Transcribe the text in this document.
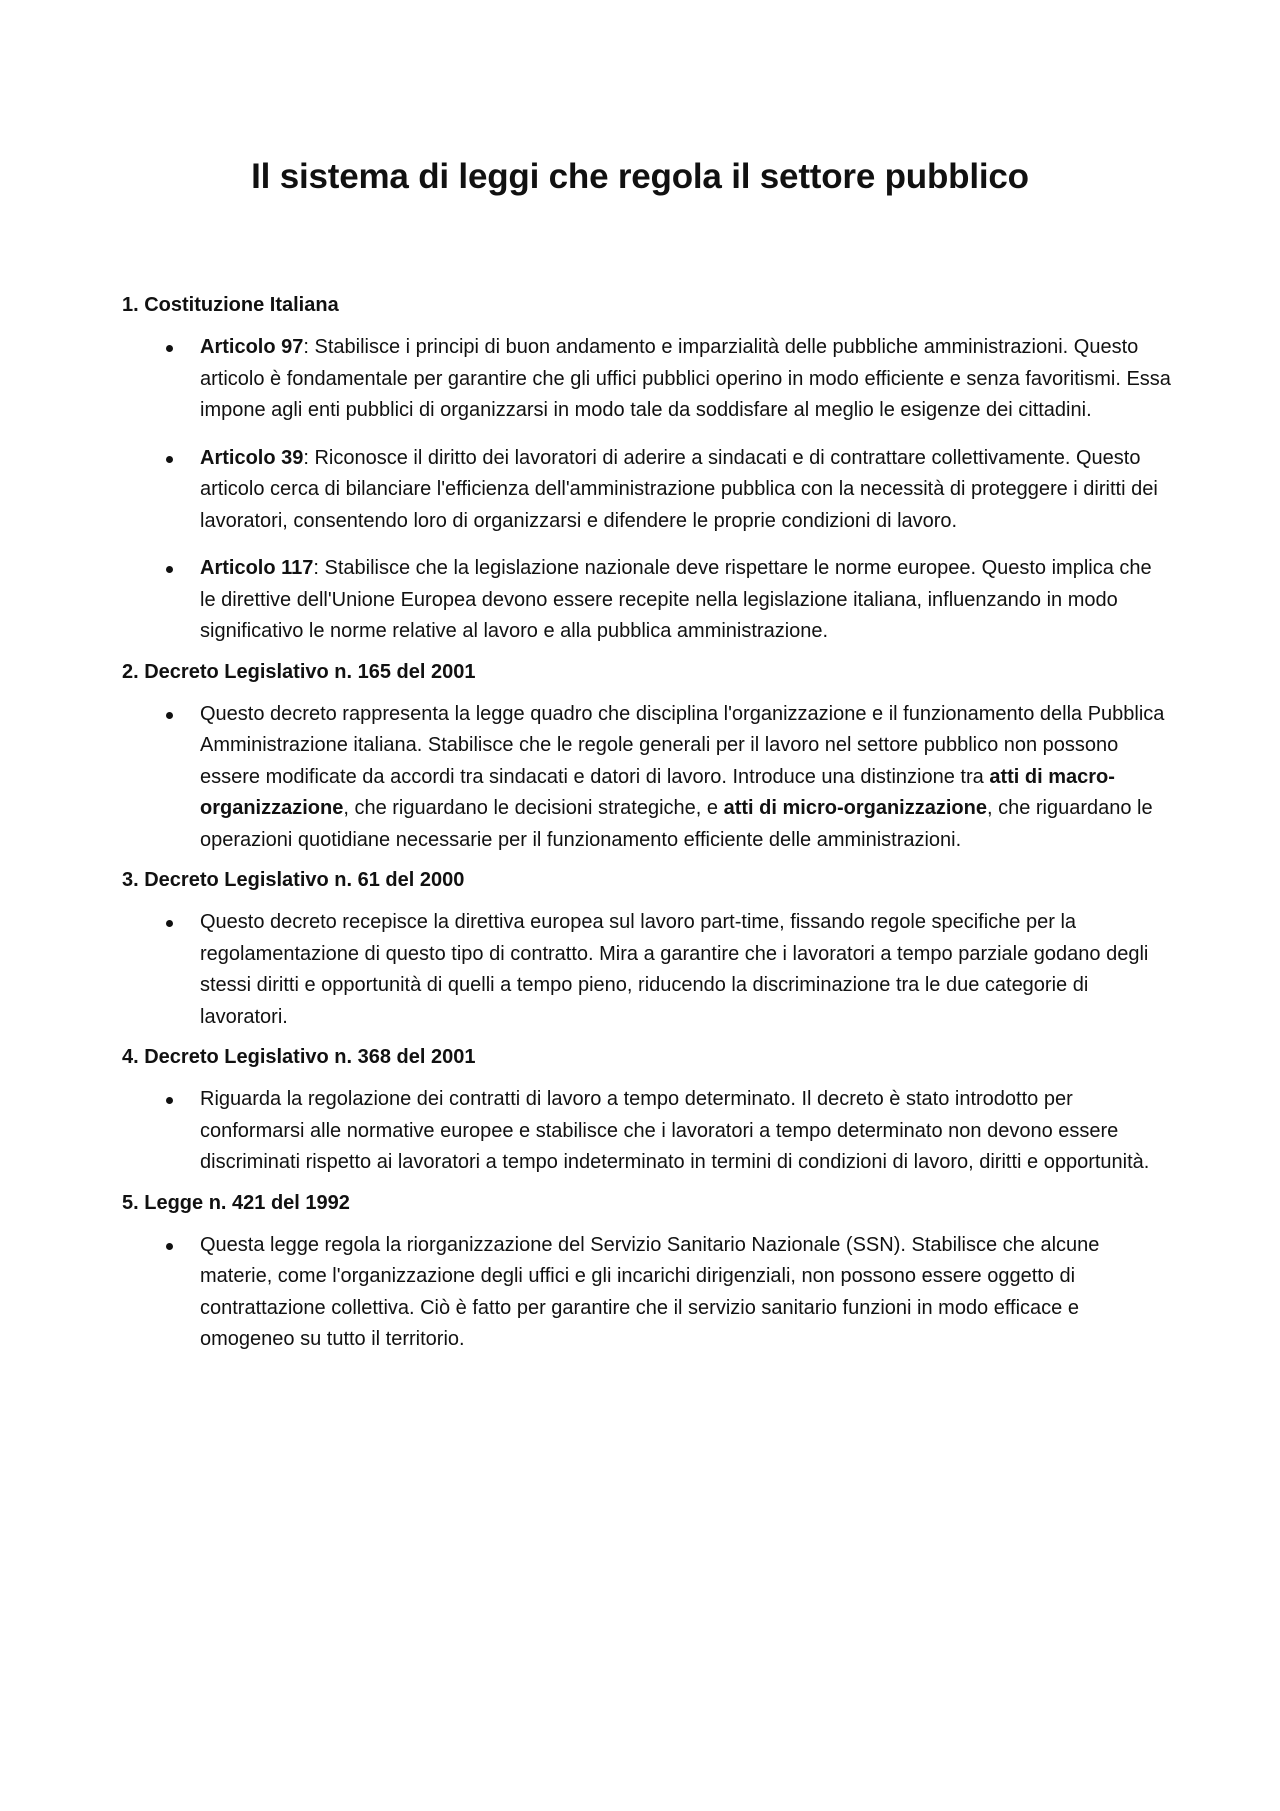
Il sistema di leggi che regola il settore pubblico
1. Costituzione Italiana
Articolo 97: Stabilisce i principi di buon andamento e imparzialità delle pubbliche amministrazioni. Questo articolo è fondamentale per garantire che gli uffici pubblici operino in modo efficiente e senza favoritismi. Essa impone agli enti pubblici di organizzarsi in modo tale da soddisfare al meglio le esigenze dei cittadini.
Articolo 39: Riconosce il diritto dei lavoratori di aderire a sindacati e di contrattare collettivamente. Questo articolo cerca di bilanciare l'efficienza dell'amministrazione pubblica con la necessità di proteggere i diritti dei lavoratori, consentendo loro di organizzarsi e difendere le proprie condizioni di lavoro.
Articolo 117: Stabilisce che la legislazione nazionale deve rispettare le norme europee. Questo implica che le direttive dell'Unione Europea devono essere recepite nella legislazione italiana, influenzando in modo significativo le norme relative al lavoro e alla pubblica amministrazione.
2. Decreto Legislativo n. 165 del 2001
Questo decreto rappresenta la legge quadro che disciplina l'organizzazione e il funzionamento della Pubblica Amministrazione italiana. Stabilisce che le regole generali per il lavoro nel settore pubblico non possono essere modificate da accordi tra sindacati e datori di lavoro. Introduce una distinzione tra atti di macro-organizzazione, che riguardano le decisioni strategiche, e atti di micro-organizzazione, che riguardano le operazioni quotidiane necessarie per il funzionamento efficiente delle amministrazioni.
3. Decreto Legislativo n. 61 del 2000
Questo decreto recepisce la direttiva europea sul lavoro part-time, fissando regole specifiche per la regolamentazione di questo tipo di contratto. Mira a garantire che i lavoratori a tempo parziale godano degli stessi diritti e opportunità di quelli a tempo pieno, riducendo la discriminazione tra le due categorie di lavoratori.
4. Decreto Legislativo n. 368 del 2001
Riguarda la regolazione dei contratti di lavoro a tempo determinato. Il decreto è stato introdotto per conformarsi alle normative europee e stabilisce che i lavoratori a tempo determinato non devono essere discriminati rispetto ai lavoratori a tempo indeterminato in termini di condizioni di lavoro, diritti e opportunità.
5. Legge n. 421 del 1992
Questa legge regola la riorganizzazione del Servizio Sanitario Nazionale (SSN). Stabilisce che alcune materie, come l'organizzazione degli uffici e gli incarichi dirigenziali, non possono essere oggetto di contrattazione collettiva. Ciò è fatto per garantire che il servizio sanitario funzioni in modo efficace e omogeneo su tutto il territorio.
